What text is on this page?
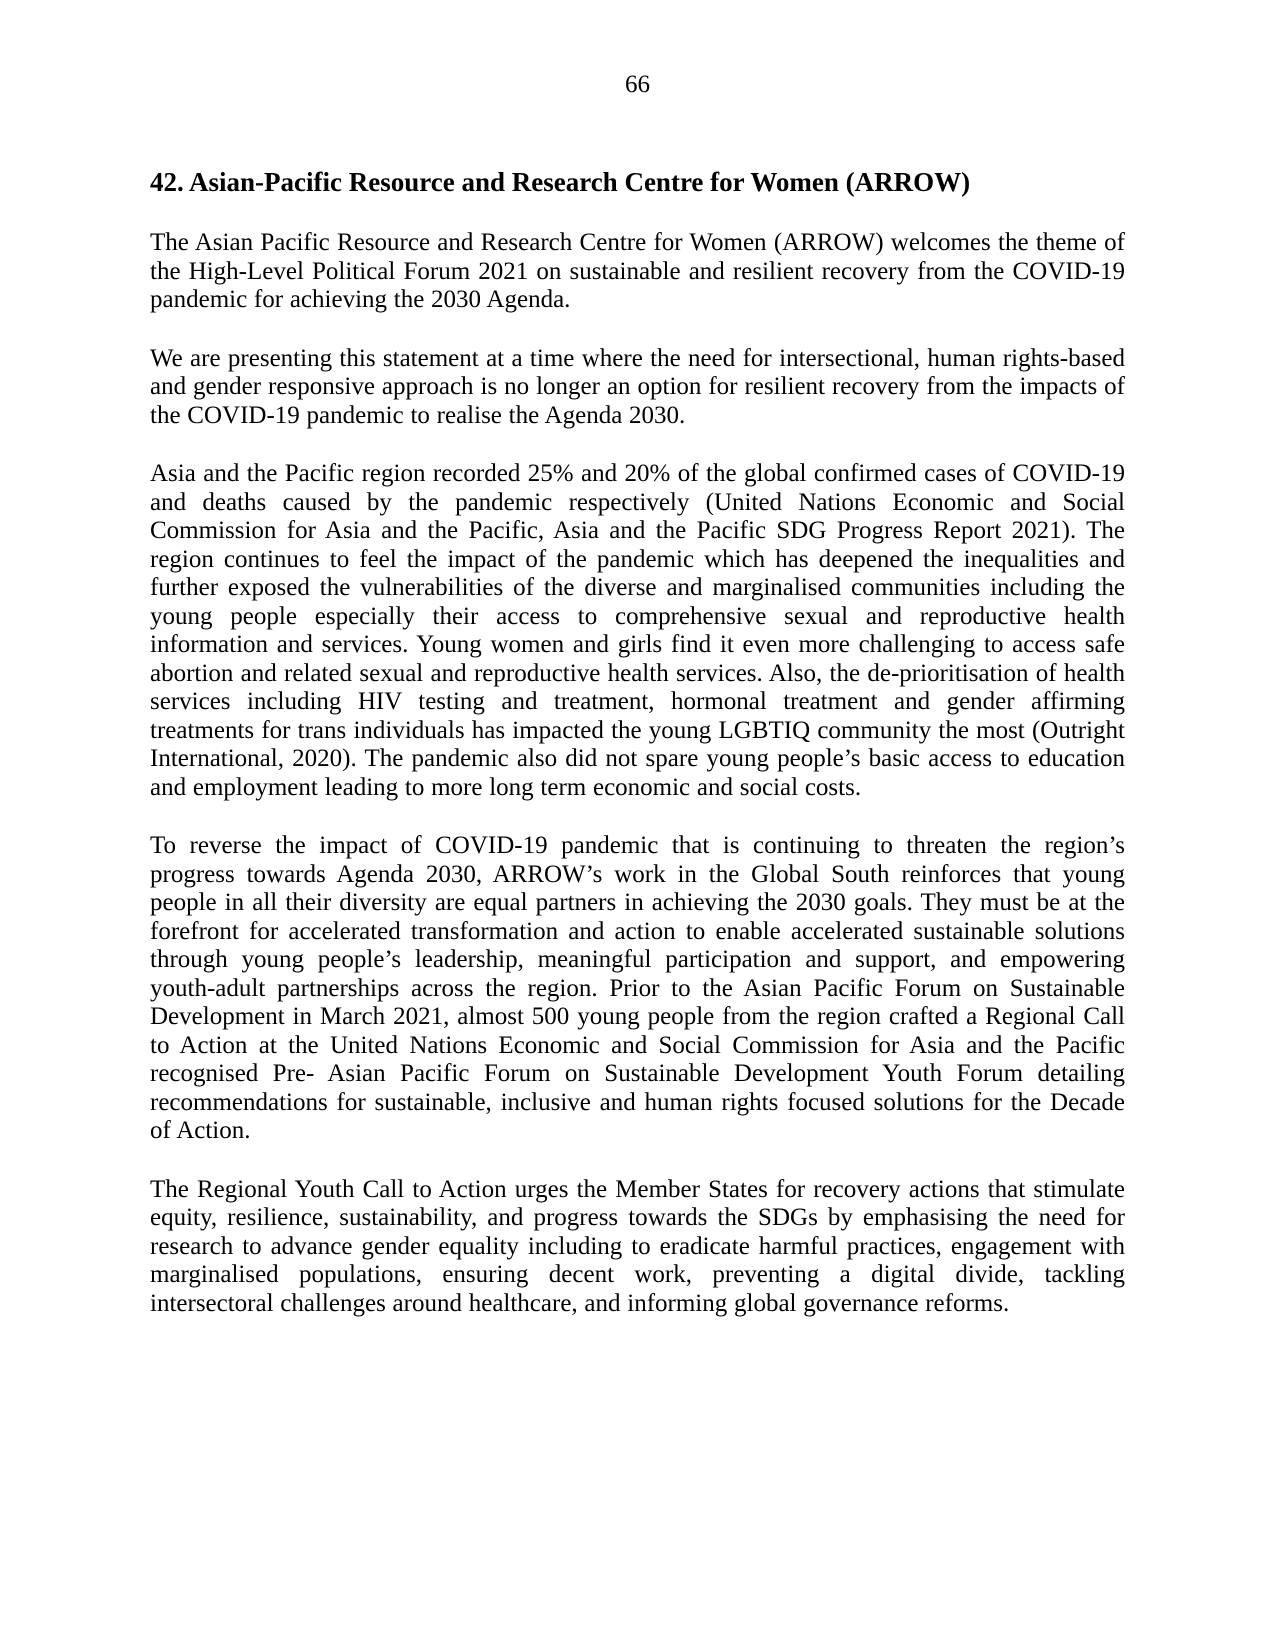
66
42. Asian-Pacific Resource and Research Centre for Women (ARROW)

The Asian Pacific Resource and Research Centre for Women (ARROW) welcomes the theme of the High-Level Political Forum 2021 on sustainable and resilient recovery from the COVID-19 pandemic for achieving the 2030 Agenda.

We are presenting this statement at a time where the need for intersectional, human rights-based and gender responsive approach is no longer an option for resilient recovery from the impacts of the COVID-19 pandemic to realise the Agenda 2030.

Asia and the Pacific region recorded 25% and 20% of the global confirmed cases of COVID-19 and deaths caused by the pandemic respectively (United Nations Economic and Social Commission for Asia and the Pacific, Asia and the Pacific SDG Progress Report 2021). The region continues to feel the impact of the pandemic which has deepened the inequalities and further exposed the vulnerabilities of the diverse and marginalised communities including the young people especially their access to comprehensive sexual and reproductive health information and services. Young women and girls find it even more challenging to access safe abortion and related sexual and reproductive health services. Also, the de-prioritisation of health services including HIV testing and treatment, hormonal treatment and gender affirming treatments for trans individuals has impacted the young LGBTIQ community the most (Outright International, 2020). The pandemic also did not spare young people’s basic access to education and employment leading to more long term economic and social costs.

To reverse the impact of COVID-19 pandemic that is continuing to threaten the region’s progress towards Agenda 2030, ARROW’s work in the Global South reinforces that young people in all their diversity are equal partners in achieving the 2030 goals. They must be at the forefront for accelerated transformation and action to enable accelerated sustainable solutions through young people’s leadership, meaningful participation and support, and empowering youth-adult partnerships across the region. Prior to the Asian Pacific Forum on Sustainable Development in March 2021, almost 500 young people from the region crafted a Regional Call to Action at the United Nations Economic and Social Commission for Asia and the Pacific recognised Pre- Asian Pacific Forum on Sustainable Development Youth Forum detailing recommendations for sustainable, inclusive and human rights focused solutions for the Decade of Action.

The Regional Youth Call to Action urges the Member States for recovery actions that stimulate equity, resilience, sustainability, and progress towards the SDGs by emphasising the need for research to advance gender equality including to eradicate harmful practices, engagement with marginalised populations, ensuring decent work, preventing a digital divide, tackling intersectoral challenges around healthcare, and informing global governance reforms.
